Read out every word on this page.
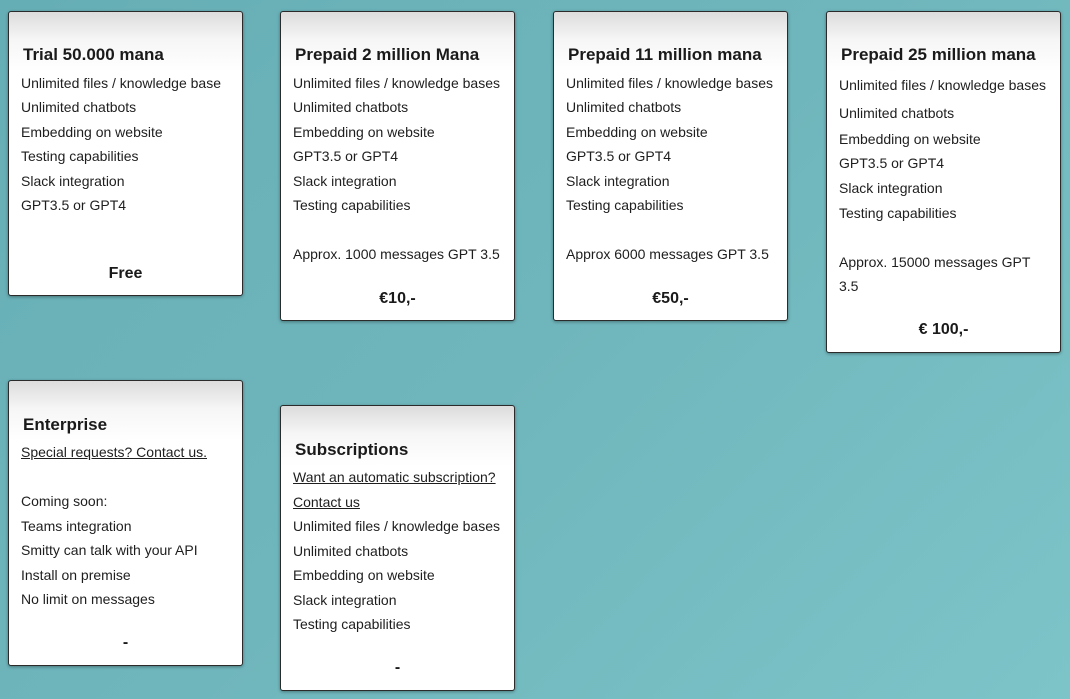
Trial 50.000 mana
Unlimited files / knowledge base
Unlimited chatbots
Embedding on website
Testing capabilities
Slack integration
GPT3.5 or GPT4
Free
Prepaid 2 million Mana
Unlimited files / knowledge bases
Unlimited chatbots
Embedding on website
GPT3.5 or GPT4
Slack integration
Testing capabilities
Approx. 1000 messages GPT 3.5
€10,-
Prepaid 11 million mana
Unlimited files / knowledge bases
Unlimited chatbots
Embedding on website
GPT3.5 or GPT4
Slack integration
Testing capabilities
Approx 6000 messages GPT 3.5
€50,-
Prepaid 25 million mana
Unlimited files / knowledge bases
Unlimited chatbots
Embedding on website
GPT3.5 or GPT4
Slack integration
Testing capabilities
Approx. 15000 messages GPT
3.5
€ 100,-
Enterprise
Special requests? Contact us.
Coming soon:
Teams integration
Smitty can talk with your API
Install on premise
No limit on messages
-
Subscriptions
Want an automatic subscription?
Contact us
Unlimited files / knowledge bases
Unlimited chatbots
Embedding on website
Slack integration
Testing capabilities
-
